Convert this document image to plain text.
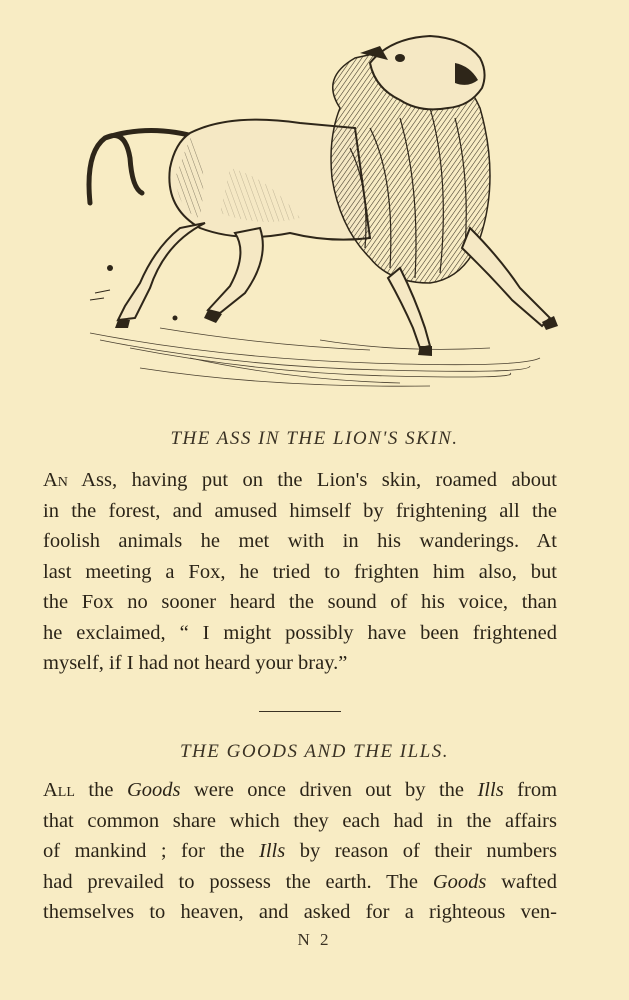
THE ASS IN THE LION'S SKIN.
An Ass, having put on the Lion's skin, roamed about
in the forest, and amused himself by frightening all the
foolish animals he met with in his wanderings. At
last meeting a Fox, he tried to frighten him also, but
the Fox no sooner heard the sound of his voice, than
he exclaimed, “ I might possibly have been frightened
myself, if I had not heard your bray.”
THE GOODS AND THE ILLS.
All the Goods were once driven out by the Ills from
that common share which they each had in the affairs
of mankind ; for the Ills by reason of their numbers
had prevailed to possess the earth. The Goods wafted
themselves to heaven, and asked for a righteous ven-
N 2
